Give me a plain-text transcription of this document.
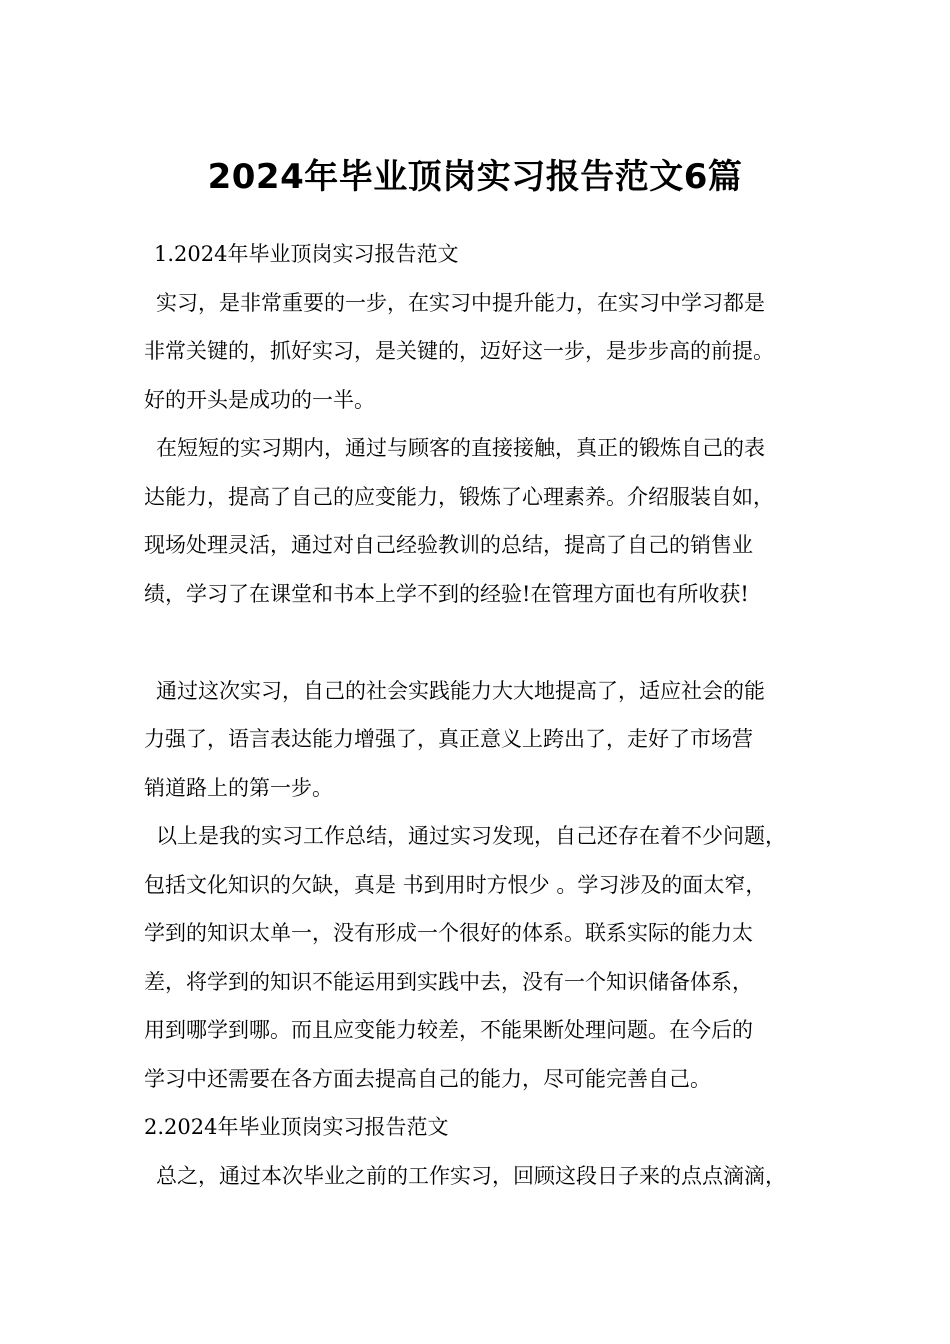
2024年毕业顶岗实习报告范文6篇
1.2024年毕业顶岗实习报告范文
实习，是非常重要的一步，在实习中提升能力，在实习中学习都是
非常关键的，抓好实习，是关键的，迈好这一步，是步步高的前提。
好的开头是成功的一半。
在短短的实习期内，通过与顾客的直接接触，真正的锻炼自己的表
达能力，提高了自己的应变能力，锻炼了心理素养。介绍服装自如，
现场处理灵活，通过对自己经验教训的总结，提高了自己的销售业
绩，学习了在课堂和书本上学不到的经验!在管理方面也有所收获!
通过这次实习，自己的社会实践能力大大地提高了，适应社会的能
力强了，语言表达能力增强了，真正意义上跨出了，走好了市场营
销道路上的第一步。
以上是我的实习工作总结，通过实习发现，自己还存在着不少问题，
包括文化知识的欠缺，真是 书到用时方恨少 。学习涉及的面太窄，
学到的知识太单一，没有形成一个很好的体系。联系实际的能力太
差，将学到的知识不能运用到实践中去，没有一个知识储备体系，
用到哪学到哪。而且应变能力较差，不能果断处理问题。在今后的
学习中还需要在各方面去提高自己的能力，尽可能完善自己。
2.2024年毕业顶岗实习报告范文
总之，通过本次毕业之前的工作实习，回顾这段日子来的点点滴滴，
